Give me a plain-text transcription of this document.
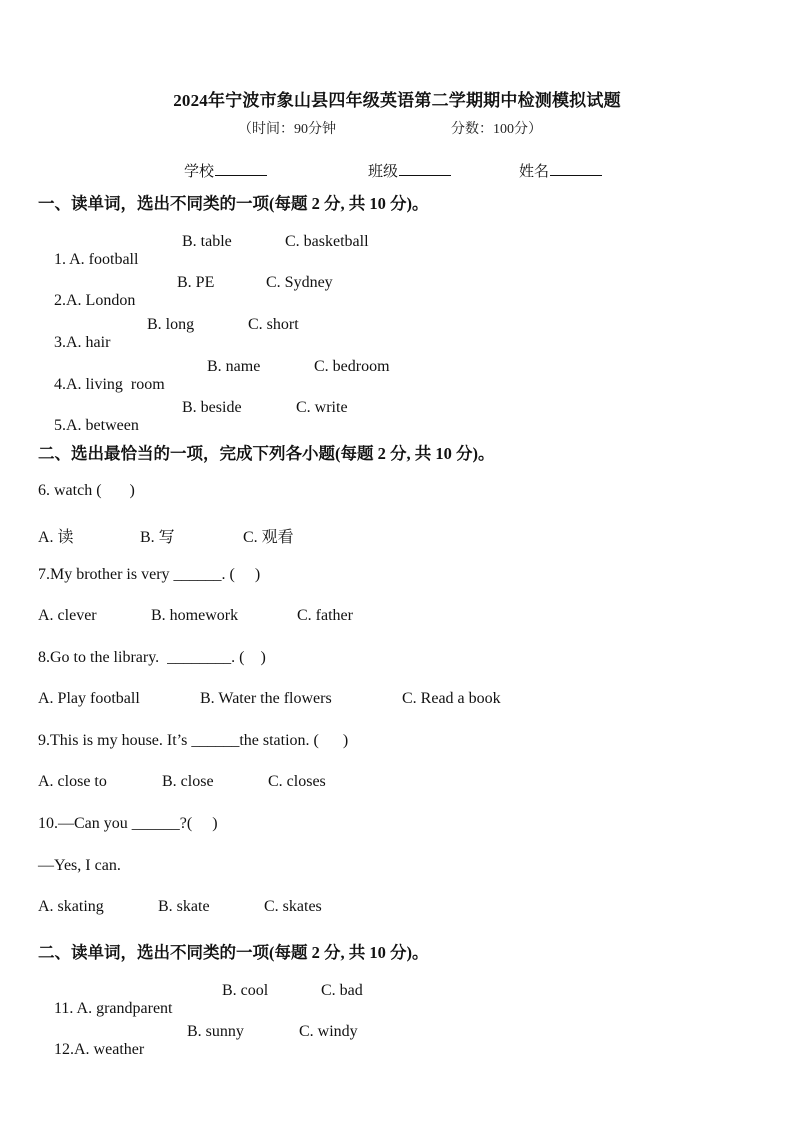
2024年宁波市象山县四年级英语第二学期期中检测模拟试题
（时间：90分钟	分数：100分）
学校	班级	姓名
一、读单词，选出不同类的一项(每题 2 分, 共 10 分)。

1. A. football

B. table	C. basketball

2.A. London

B. PE	C. Sydney

3.A. hair

B. long	C. short

4.A. living  room

B. name	C. bedroom

5.A. between

B. beside	C. write
二、选出最恰当的一项，完成下列各小题(每题 2 分, 共 10 分)。
6. watch (       )
A. 读	B. 写	C. 观看
7.My brother is very ______. (     )
A. clever	B. homework	C. father
8.Go to the library.  ________. (    )
A. Play football	B. Water the flowers	C. Read a book
9.This is my house. It’s ______the station. (      )
A. close to	B. close	C. closes
10.—Can you ______?(     )
—Yes, I can.
A. skating	B. skate	C. skates
二、读单词，选出不同类的一项(每题 2 分, 共 10 分)。

11. A. grandparent

B. cool	C. bad

12.A. weather

B. sunny	C. windy
